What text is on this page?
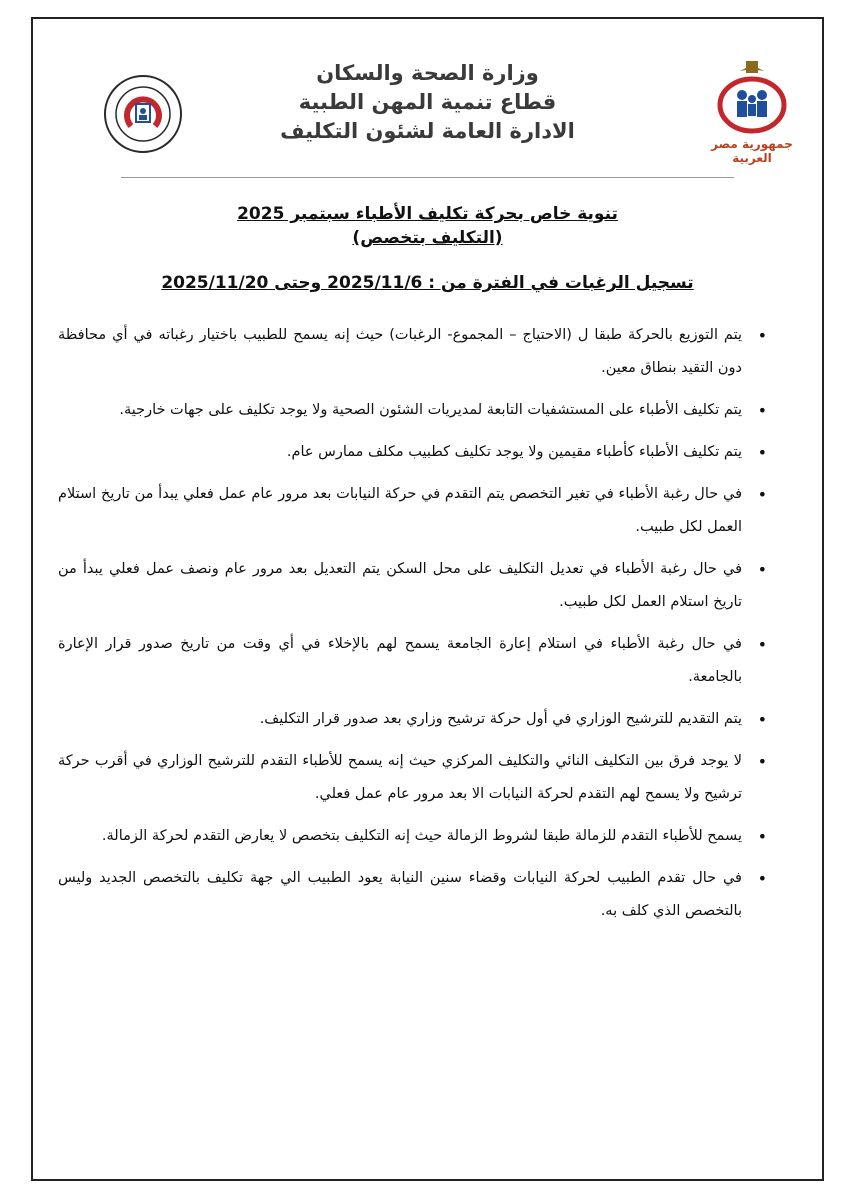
وزارة الصحة والسكان
قطاع تنمية المهن الطبية
الادارة العامة لشئون التكليف
جمهورية مصر العربية
تنوية خاص بحركة تكليف الأطباء سبتمبر 2025
(التكليف بتخصص)
تسجيل الرغبات في الفترة من : 2025/11/6 وحتى 2025/11/20
•
يتم التوزيع بالحركة طبقا ل (الاحتياج – المجموع- الرغبات) حيث إنه يسمح للطبيب باختيار رغباته في أي محافظة دون التقيد بنطاق معين.
•
يتم تكليف الأطباء على المستشفيات التابعة لمديريات الشئون الصحية ولا يوجد تكليف على جهات خارجية.
•
يتم تكليف الأطباء كأطباء مقيمين ولا يوجد تكليف كطبيب مكلف ممارس عام.
•
في حال رغبة الأطباء في تغير التخصص يتم التقدم في حركة النيابات بعد مرور عام عمل فعلي يبدأ من تاريخ استلام العمل لكل طبيب.
•
في حال رغبة الأطباء في تعديل التكليف على محل السكن يتم التعديل بعد مرور عام ونصف عمل فعلي يبدأ من تاريخ استلام العمل لكل طبيب.
•
في حال رغبة الأطباء في استلام إعارة الجامعة يسمح لهم بالإخلاء في أي وقت من تاريخ صدور قرار الإعارة بالجامعة.
•
يتم التقديم للترشيح الوزاري في أول حركة ترشيح وزاري بعد صدور قرار التكليف.
•
لا يوجد فرق بين التكليف النائي والتكليف المركزي حيث إنه يسمح للأطباء التقدم للترشيح الوزاري في أقرب حركة ترشيح ولا يسمح لهم التقدم لحركة النيابات الا بعد مرور عام عمل فعلي.
•
يسمح للأطباء التقدم للزمالة طبقا لشروط الزمالة حيث إنه التكليف بتخصص لا يعارض التقدم لحركة الزمالة.
•
في حال تقدم الطبيب لحركة النيابات وقضاء سنين النيابة يعود الطبيب الي جهة تكليف بالتخصص الجديد وليس بالتخصص الذي كلف به.
